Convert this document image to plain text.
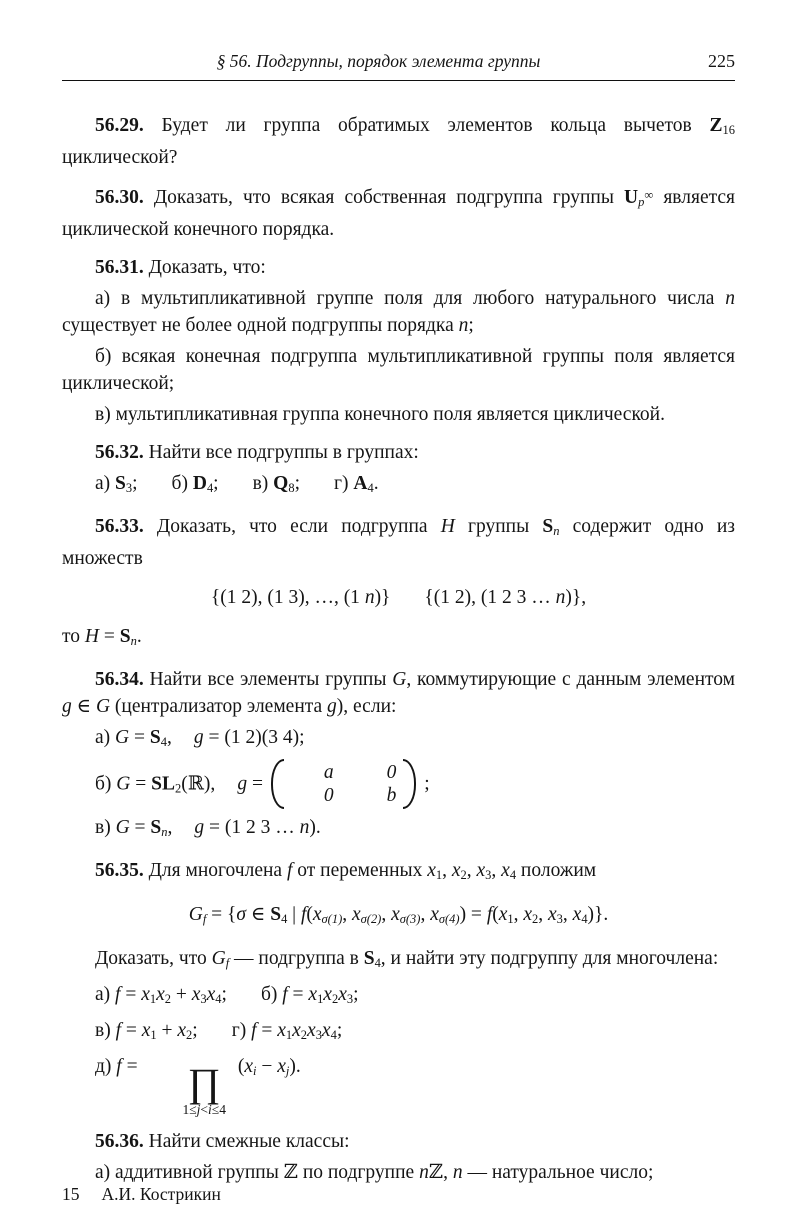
§ 56. Подгруппы, порядок элемента группы	225
56.29. Будет ли группа обратимых элементов кольца вычетов Z16 циклической?
56.30. Доказать, что всякая собственная подгруппа группы Up∞ является циклической конечного порядка.
56.31. Доказать, что:
а) в мультипликативной группе поля для любого натурального числа n существует не более одной подгруппы порядка n;
б) всякая конечная подгруппа мультипликативной группы поля является циклической;
в) мультипликативная группа конечного поля является циклической.
56.32. Найти все подгруппы в группах:
а) S3; б) D4; в) Q8; г) A4.
56.33. Доказать, что если подгруппа H группы Sn содержит одно из множеств
{(1 2), (1 3), …, (1 n)} {(1 2), (1 2 3 … n)},
то H = Sn.
56.34. Найти все элементы группы G, коммутирующие с данным элементом g ∈ G (централизатор элемента g), если:
а) G = S4, g = (1 2)(3 4);
б) G = SL2(ℝ), g =
a	0
0	b
;
в) G = Sn, g = (1 2 3 … n).
56.35. Для многочлена f от переменных x1, x2, x3, x4 положим
Gf = {σ ∈ S4 | f(xσ(1), xσ(2), xσ(3), xσ(4)) = f(x1, x2, x3, x4)}.
Доказать, что Gf — подгруппа в S4, и найти эту подгруппу для многочлена:
а) f = x1x2 + x3x4; б) f = x1x2x3;
в) f = x1 + x2; г) f = x1x2x3x4;
д) f =	∏
1≤j<i≤4
(xi − xj).
56.36. Найти смежные классы:
а) аддитивной группы ℤ по подгруппе nℤ, n — натуральное число;
15 А.И. Кострикин
